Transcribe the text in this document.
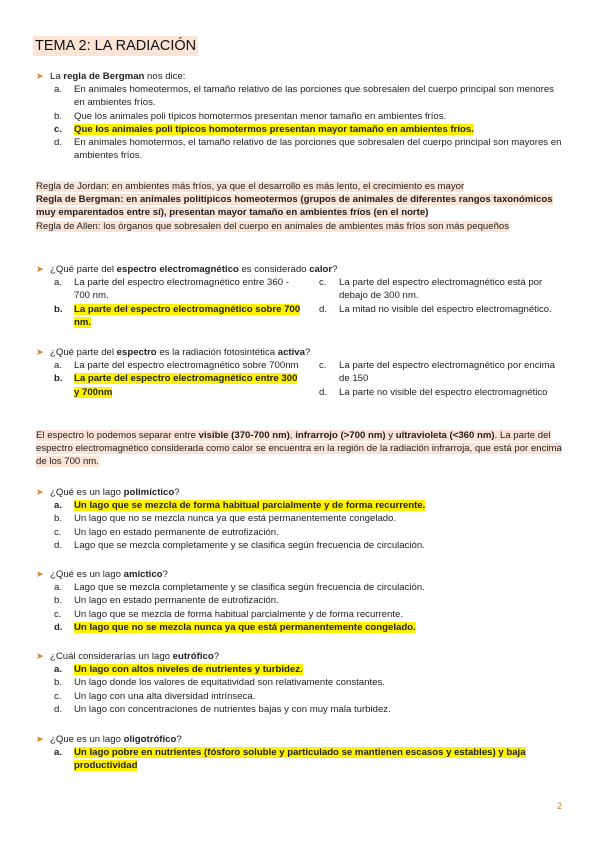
TEMA 2: LA RADIACIÓN
➤ La regla de Bergman nos dice:
a. En animales homeotermos, el tamaño relativo de las porciones que sobresalen del cuerpo principal son menores en ambientes fríos.
b. Que los animales poli típicos homotermos presentan menor tamaño en ambientes fríos.
c. Que los animales poli típicos homotermos presentan mayor tamaño en ambientes fríos.
d. En animales homotermos, el tamaño relativo de las porciones que sobresalen del cuerpo principal son mayores en ambientes fríos.
Regla de Jordan: en ambientes más fríos, ya que el desarrollo es más lento, el crecimiento es mayor
Regla de Bergman: en animales politípicos homeotermos (grupos de animales de diferentes rangos taxonómicos muy emparentados entre sí), presentan mayor tamaño en ambientes fríos (en el norte)
Regla de Allen: los órganos que sobresalen del cuerpo en animales de ambientes más fríos son más pequeños
➤ ¿Qué parte del espectro electromagnético es considerado calor?
a. La parte del espectro electromagnético entre 360 - 700 nm.
b. La parte del espectro electromagnético sobre 700 nm.
c. La parte del espectro electromagnético está por debajo de 300 nm.
d. La mitad no visible del espectro electromagnético.
➤ ¿Qué parte del espectro es la radiación fotosintética activa?
a. La parte del espectro electromagnético sobre 700nm
b. La parte del espectro electromagnético entre 300 y 700nm
c. La parte del espectro electromagnético por encima de 150
d. La parte no visible del espectro electromagnético
El espectro lo podemos separar entre visible (370-700 nm), infrarrojo (>700 nm) y ultravioleta (<360 nm). La parte del espectro electromagnético considerada como calor se encuentra en la región de la radiación infrarroja, que está por encima de los 700 nm.
➤ ¿Qué es un lago polimíctico?
a. Un lago que se mezcla de forma habitual parcialmente y de forma recurrente.
b. Un lago que no se mezcla nunca ya que está permanentemente congelado.
c. Un lago en estado permanente de eutrofización.
d. Lago que se mezcla completamente y se clasifica según frecuencia de circulación.
➤ ¿Qué es un lago amíctico?
a. Lago que se mezcla completamente y se clasifica según frecuencia de circulación.
b. Un lago en estado permanente de eutrofización.
c. Un lago que se mezcla de forma habitual parcialmente y de forma recurrente.
d. Un lago que no se mezcla nunca ya que está permanentemente congelado.
➤ ¿Cuál considerarías un lago eutrófico?
a. Un lago con altos niveles de nutrientes y turbidez.
b. Un lago donde los valores de equitatividad son relativamente constantes.
c. Un lago con una alta diversidad intrínseca.
d. Un lago con concentraciones de nutrientes bajas y con muy mala turbidez.
➤ ¿Que es un lago oligotrófico?
a. Un lago pobre en nutrientes (fósforo soluble y particulado se mantienen escasos y estables) y baja productividad
2
